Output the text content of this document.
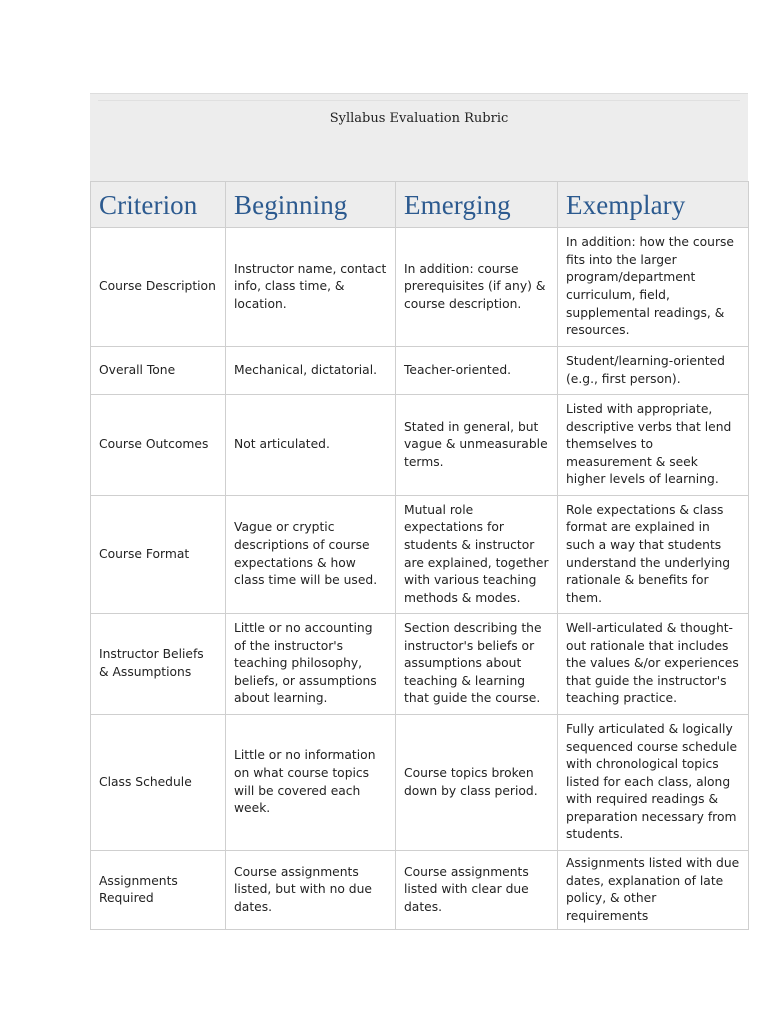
Syllabus Evaluation Rubric
Criterion	Beginning	Emerging	Exemplary
Course Description	Instructor name, contact info, class time, & location.	In addition: course prerequisites (if any) & course description.	In addition: how the course fits into the larger program/department curriculum, field, supplemental readings, & resources.
Overall Tone	Mechanical, dictatorial.	Teacher-oriented.	Student/learning-oriented (e.g., first person).
Course Outcomes	Not articulated.	Stated in general, but vague & unmeasurable terms.	Listed with appropriate, descriptive verbs that lend themselves to measurement & seek higher levels of learning.
Course Format	Vague or cryptic descriptions of course expectations & how class time will be used.	Mutual role expectations for students & instructor are explained, together with various teaching methods & modes.	Role expectations & class format are explained in such a way that students understand the underlying rationale & benefits for them.
Instructor Beliefs & Assumptions	Little or no accounting of the instructor's teaching philosophy, beliefs, or assumptions about learning.	Section describing the instructor's beliefs or assumptions about teaching & learning that guide the course.	Well-articulated & thought-out rationale that includes the values &/or experiences that guide the instructor's teaching practice.
Class Schedule	Little or no information on what course topics will be covered each week.	Course topics broken down by class period.	Fully articulated & logically sequenced course schedule with chronological topics listed for each class, along with required readings & preparation necessary from students.
Assignments Required	Course assignments listed, but with no due dates.	Course assignments listed with clear due dates.	Assignments listed with due dates, explanation of late policy, & other requirements
